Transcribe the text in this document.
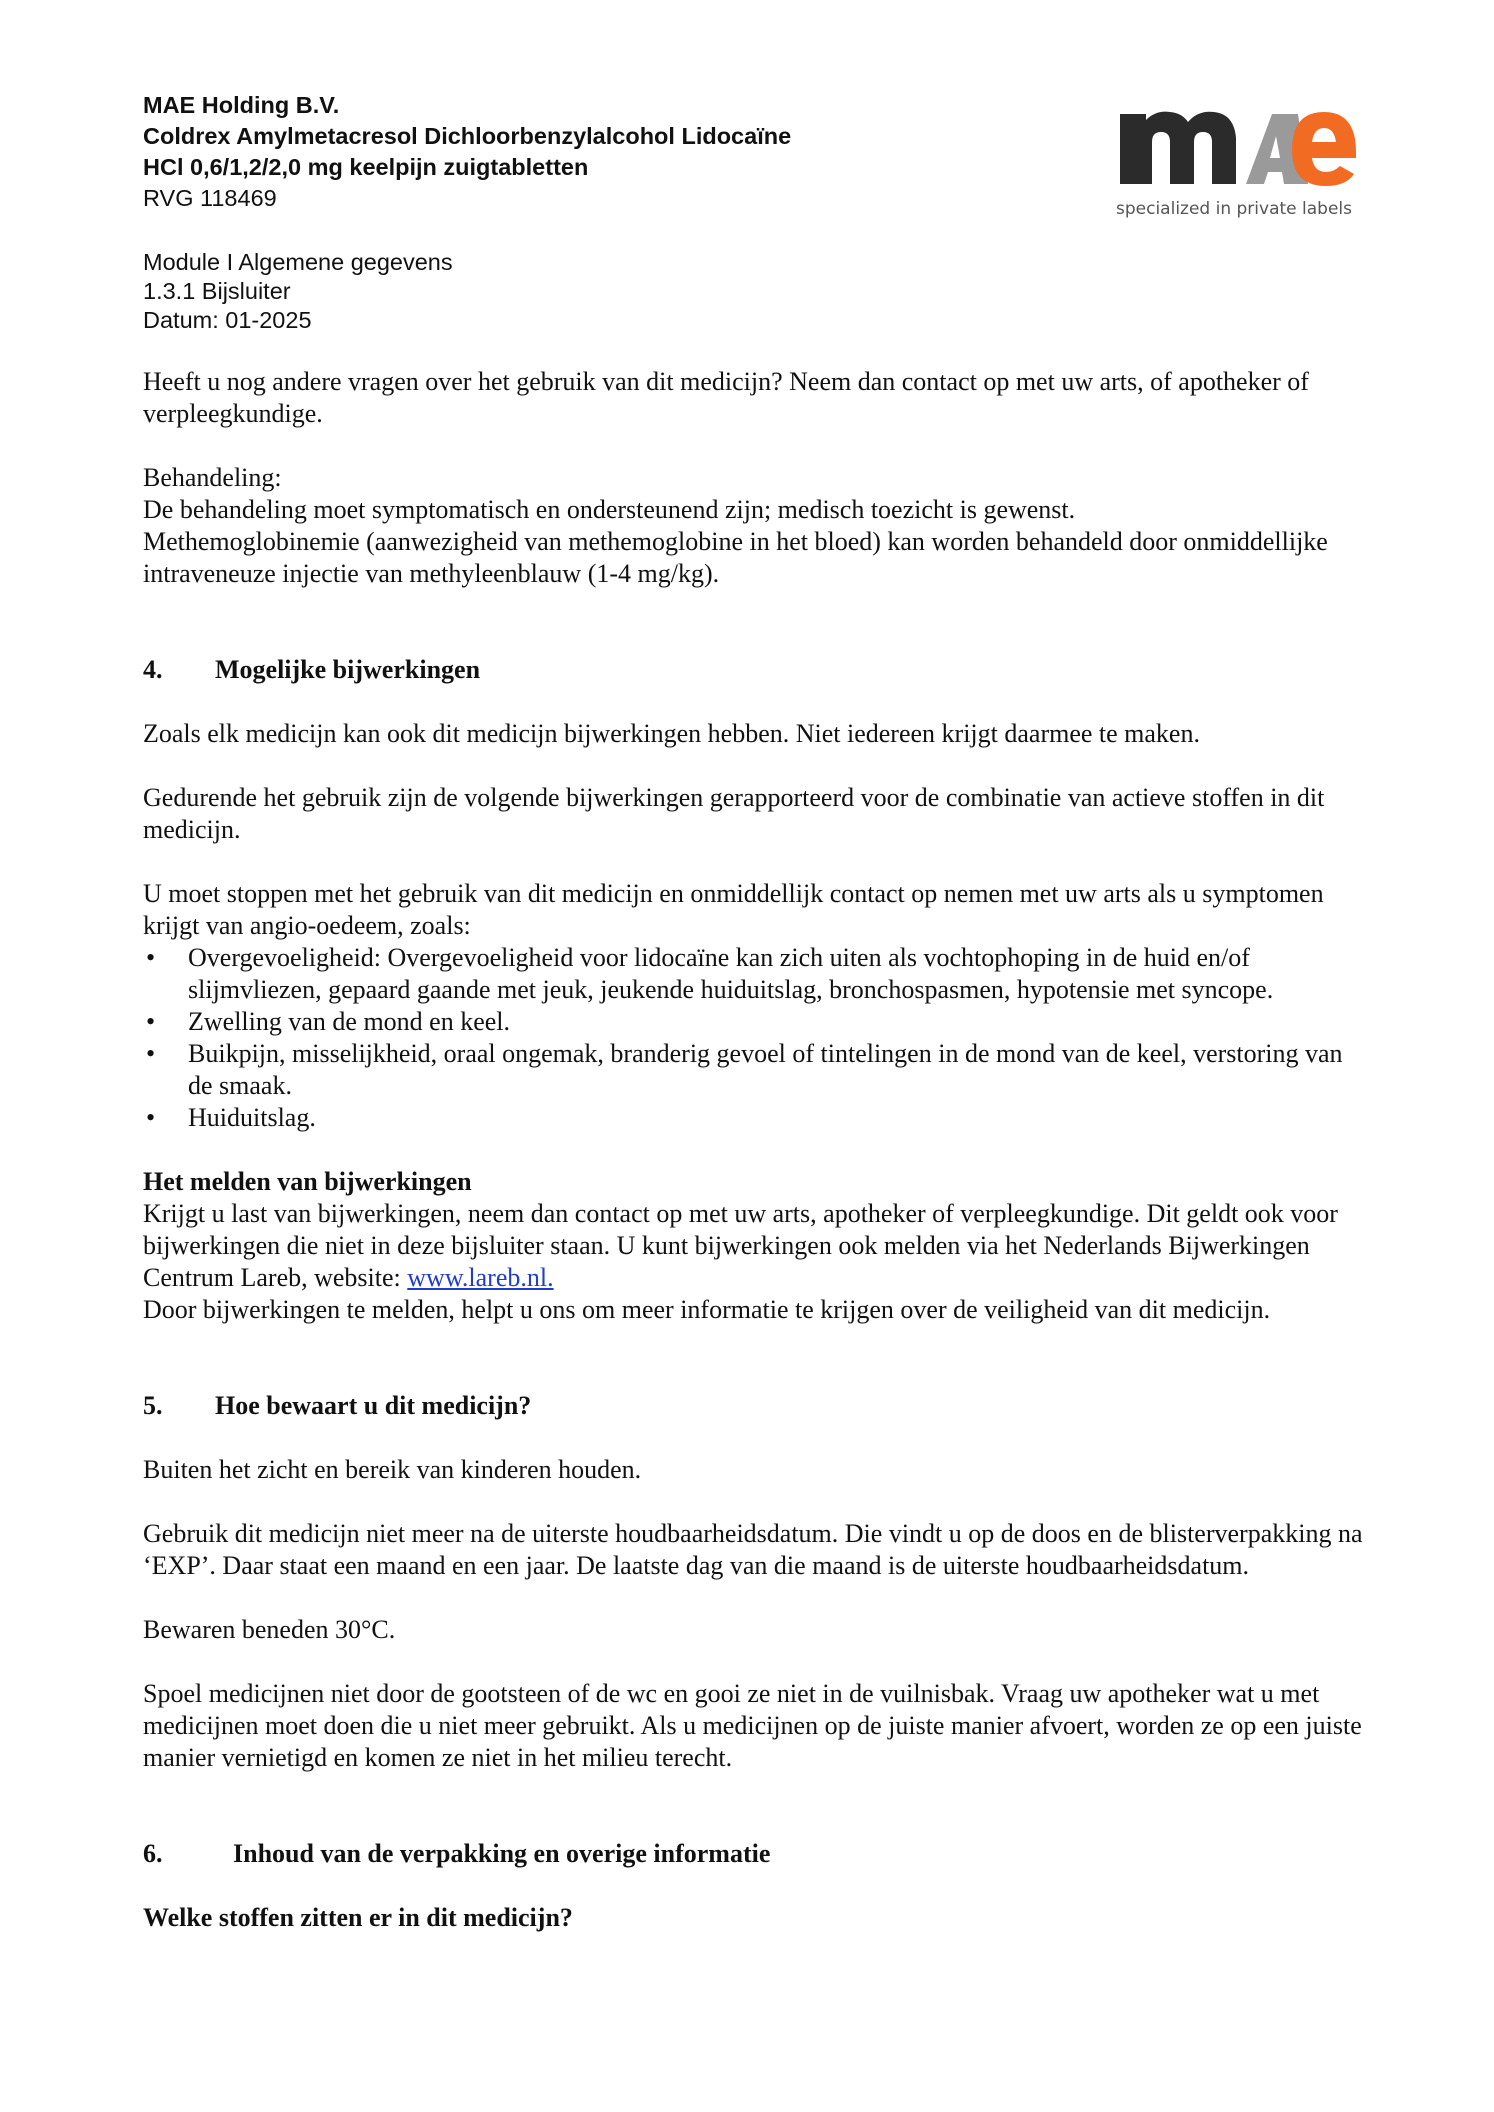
MAE Holding B.V.
Coldrex Amylmetacresol Dichloorbenzylalcohol Lidocaïne
HCl 0,6/1,2/2,0 mg keelpijn zuigtabletten
RVG 118469
Module I Algemene gegevens
1.3.1 Bijsluiter
Datum: 01-2025
specialized in private labels

Heeft u nog andere vragen over het gebruik van dit medicijn? Neem dan contact op met uw arts, of apotheker of verpleegkundige.

Behandeling:

De behandeling moet symptomatisch en ondersteunend zijn; medisch toezicht is gewenst.

Methemoglobinemie (aanwezigheid van methemoglobine in het bloed) kan worden behandeld door onmiddellijke intraveneuze injectie van methyleenblauw (1-4 mg/kg).

4.	Mogelijke bijwerkingen

Zoals elk medicijn kan ook dit medicijn bijwerkingen hebben. Niet iedereen krijgt daarmee te maken.

Gedurende het gebruik zijn de volgende bijwerkingen gerapporteerd voor de combinatie van actieve stoffen in dit medicijn.

U moet stoppen met het gebruik van dit medicijn en onmiddellijk contact op nemen met uw arts als u symptomen krijgt van angio-oedeem, zoals:

• Overgevoeligheid: Overgevoeligheid voor lidocaïne kan zich uiten als vochtophoping in de huid en/of slijmvliezen, gepaard gaande met jeuk, jeukende huiduitslag, bronchospasmen, hypotensie met syncope.
• Zwelling van de mond en keel.
• Buikpijn, misselijkheid, oraal ongemak, branderig gevoel of tintelingen in de mond van de keel, verstoring van de smaak.
• Huiduitslag.

Het melden van bijwerkingen

Krijgt u last van bijwerkingen, neem dan contact op met uw arts, apotheker of verpleegkundige. Dit geldt ook voor bijwerkingen die niet in deze bijsluiter staan. U kunt bijwerkingen ook melden via het Nederlands Bijwerkingen Centrum Lareb, website: www.lareb.nl.

Door bijwerkingen te melden, helpt u ons om meer informatie te krijgen over de veiligheid van dit medicijn.

5.	Hoe bewaart u dit medicijn?

Buiten het zicht en bereik van kinderen houden.

Gebruik dit medicijn niet meer na de uiterste houdbaarheidsdatum. Die vindt u op de doos en de blisterverpakking na ‘EXP’. Daar staat een maand en een jaar. De laatste dag van die maand is de uiterste houdbaarheidsdatum.

Bewaren beneden 30°C.

Spoel medicijnen niet door de gootsteen of de wc en gooi ze niet in de vuilnisbak. Vraag uw apotheker wat u met medicijnen moet doen die u niet meer gebruikt. Als u medicijnen op de juiste manier afvoert, worden ze op een juiste manier vernietigd en komen ze niet in het milieu terecht.

6.	Inhoud van de verpakking en overige informatie

Welke stoffen zitten er in dit medicijn?
